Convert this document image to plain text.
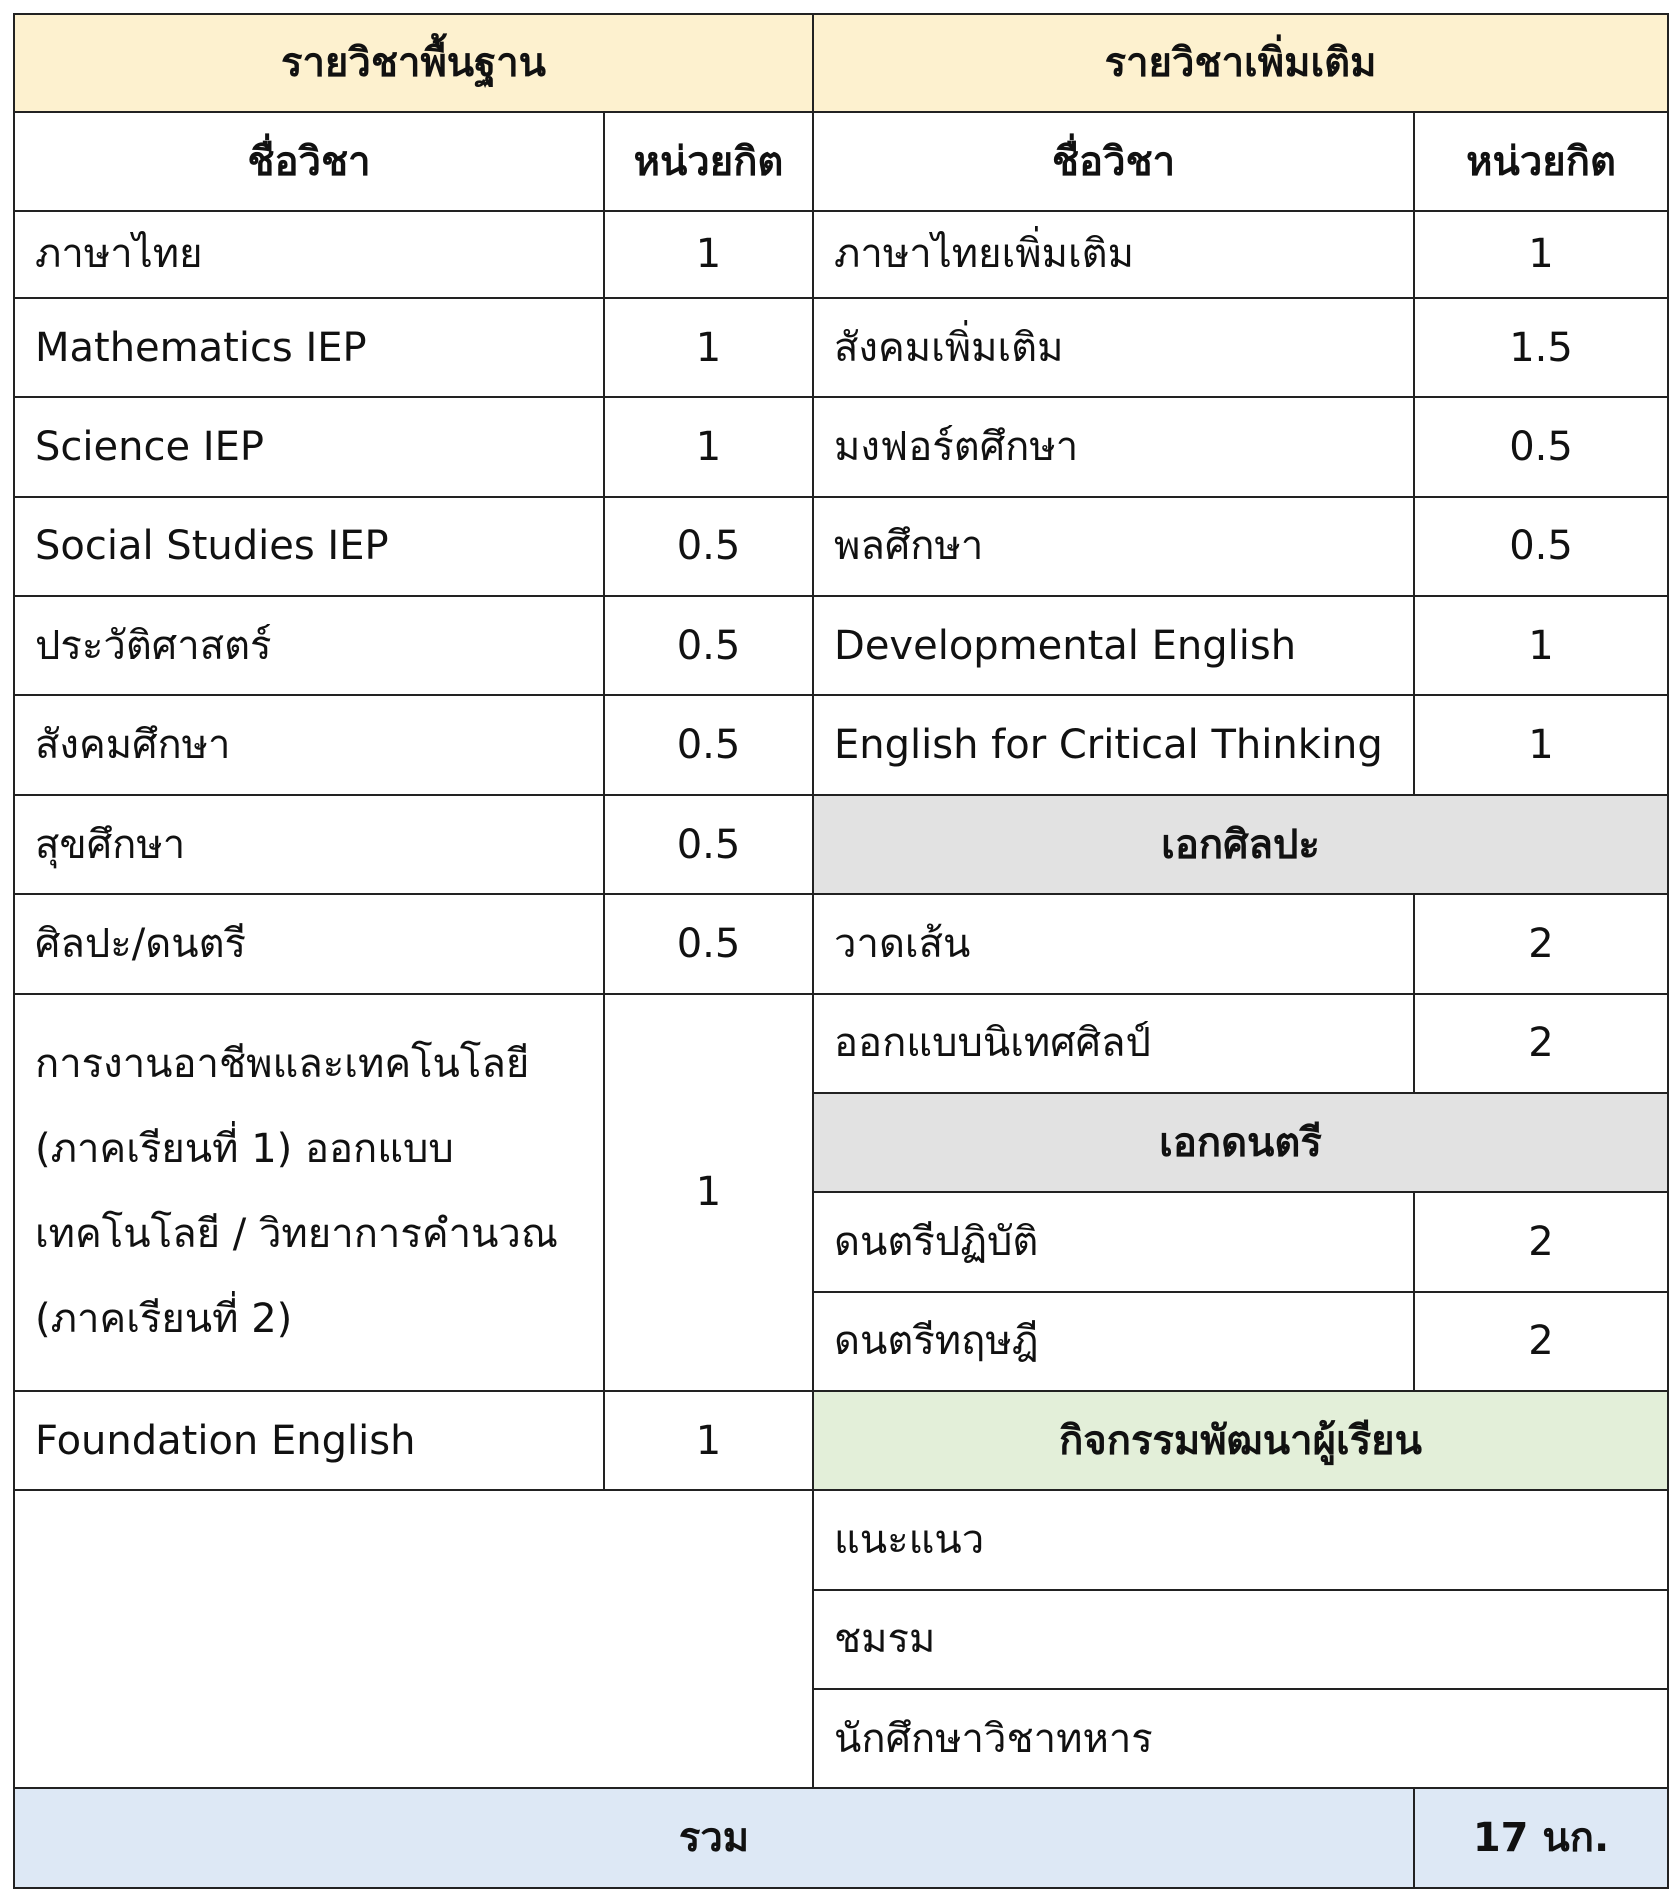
รายวิชาพื้นฐาน		รายวิชาเพิ่มเติม	
ชื่อวิชา	หน่วยกิต	ชื่อวิชา	หน่วยกิต
ภาษาไทย	1	ภาษาไทยเพิ่มเติม	1
Mathematics IEP	1	สังคมเพิ่มเติม	1.5
Science IEP	1	มงฟอร์ตศึกษา	0.5
Social Studies IEP	0.5	พลศึกษา	0.5
ประวัติศาสตร์	0.5	Developmental English	1
สังคมศึกษา	0.5	English for Critical Thinking	1
สุขศึกษา	0.5	เอกศิลปะ	
ศิลปะ/ดนตรี	0.5	วาดเส้น	2
การงานอาชีพและเทคโนโลยี (ภาคเรียนที่ 1) ออกแบบเทคโนโลยี / วิทยาการคำนวณ (ภาคเรียนที่ 2)	1	ออกแบบนิเทศศิลป์	2
		เอกดนตรี	
		ดนตรีปฏิบัติ	2
		ดนตรีทฤษฎี	2
Foundation English	1	กิจกรรมพัฒนาผู้เรียน	
		แนะแนว	
		ชมรม	
		นักศึกษาวิชาทหาร	
รวม			17 นก.
